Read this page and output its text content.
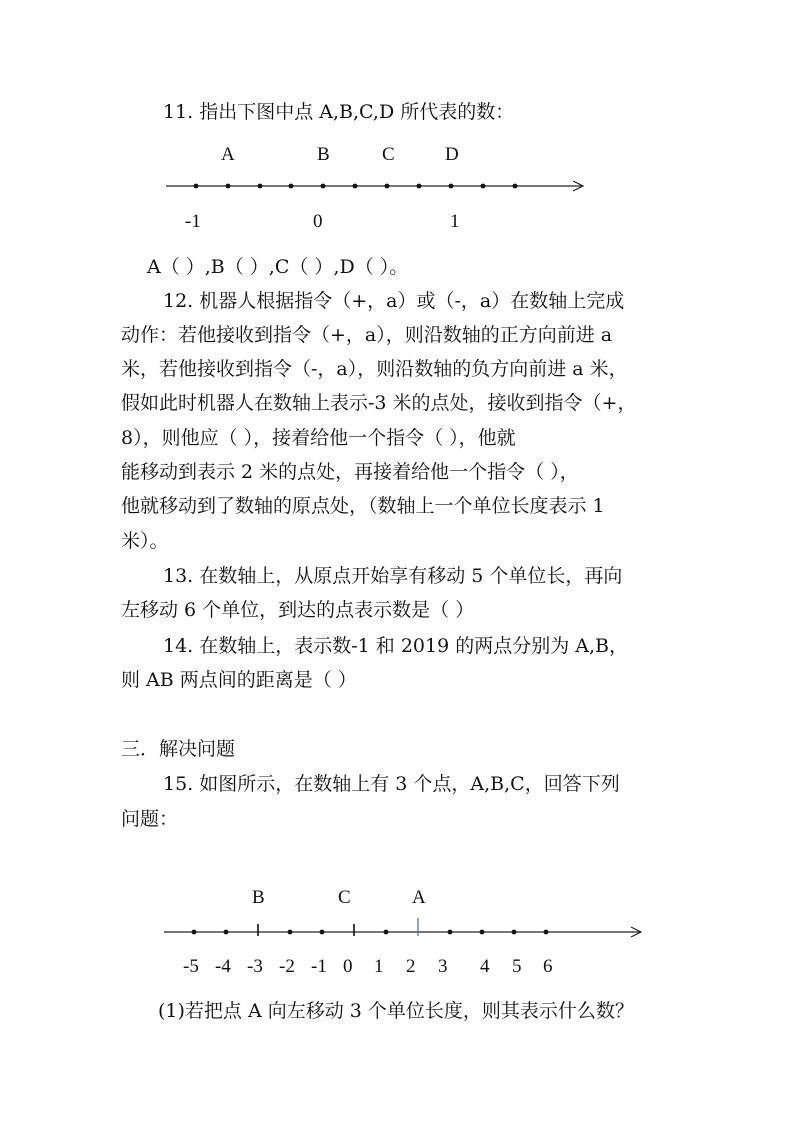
11. 指出下图中点 A,B,C,D 所代表的数：
A	B	C	D
-1	0	1
A（ ）,B（ ）,C（ ）,D（ ）。
12. 机器人根据指令（+，a）或（-，a）在数轴上完成
动作：若他接收到指令（+，a），则沿数轴的正方向前进 a
米，若他接收到指令（-，a），则沿数轴的负方向前进 a 米，
假如此时机器人在数轴上表示-3 米的点处，接收到指令（+，
8），则他应（ ），接着给他一个指令（ ），他就
能移动到表示 2 米的点处，再接着给他一个指令（ ），
他就移动到了数轴的原点处，（数轴上一个单位长度表示 1
米）。
13. 在数轴上，从原点开始享有移动 5 个单位长，再向
左移动 6 个单位，到达的点表示数是（ ）
14. 在数轴上，表示数-1 和 2019 的两点分别为 A,B，
则 AB 两点间的距离是（ ）
三．解决问题
15. 如图所示，在数轴上有 3 个点，A,B,C，回答下列
问题：
B	C	A
-5 -4 -3 -2 -1 0 1 2 3 4 5 6
(1)若把点 A 向左移动 3 个单位长度，则其表示什么数？
